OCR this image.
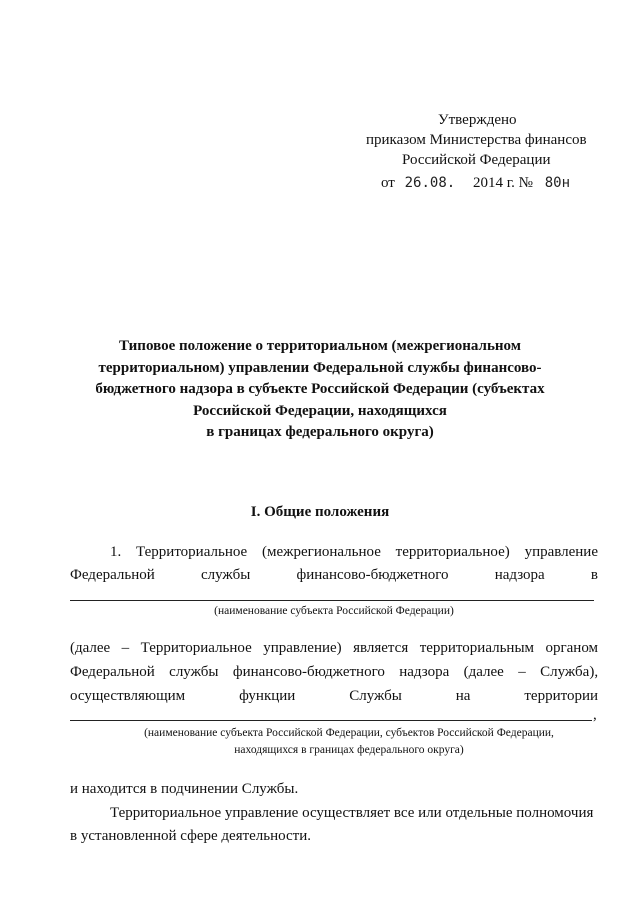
Утверждено
приказом Министерства финансов
Российской Федерации
от 26.08. 2014 г. № 80н
Типовое положение о территориальном (межрегиональном
территориальном) управлении Федеральной службы финансово-
бюджетного надзора в субъекте Российской Федерации (субъектах
Российской Федерации, находящихся
в границах федерального округа)
I. Общие положения
1. Территориальное (межрегиональное территориальное) управление
Федеральной	службы	финансово-бюджетного	надзора	в
(наименование субъекта Российской Федерации)
(далее – Территориальное управление) является территориальным органом
Федеральной службы финансово-бюджетного надзора (далее – Служба),
осуществляющим	функции	Службы	на	территории
,
(наименование субъекта Российской Федерации, субъектов Российской Федерации,
находящихся в границах федерального округа)
и находится в подчинении Службы.
Территориальное управление осуществляет все или отдельные полномочия
в установленной сфере деятельности.
